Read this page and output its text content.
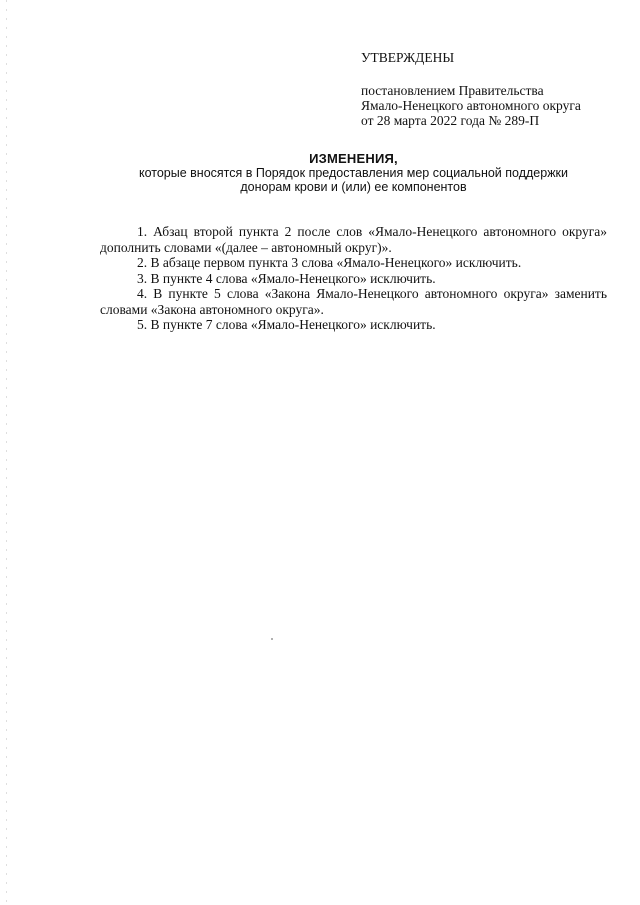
УТВЕРЖДЕНЫ
постановлением Правительства
Ямало-Ненецкого автономного округа
от 28 марта 2022 года № 289-П
ИЗМЕНЕНИЯ,
которые вносятся в Порядок предоставления мер социальной поддержки
донорам крови и (или) ее компонентов

1. Абзац второй пункта 2 после слов «Ямало-Ненецкого автономного округа» дополнить словами «(далее – автономный округ)».

2. В абзаце первом пункта 3 слова «Ямало-Ненецкого» исключить.

3. В пункте 4 слова «Ямало-Ненецкого» исключить.

4. В пункте 5 слова «Закона Ямало-Ненецкого автономного округа» заменить словами «Закона автономного округа».

5. В пункте 7 слова «Ямало-Ненецкого» исключить.
